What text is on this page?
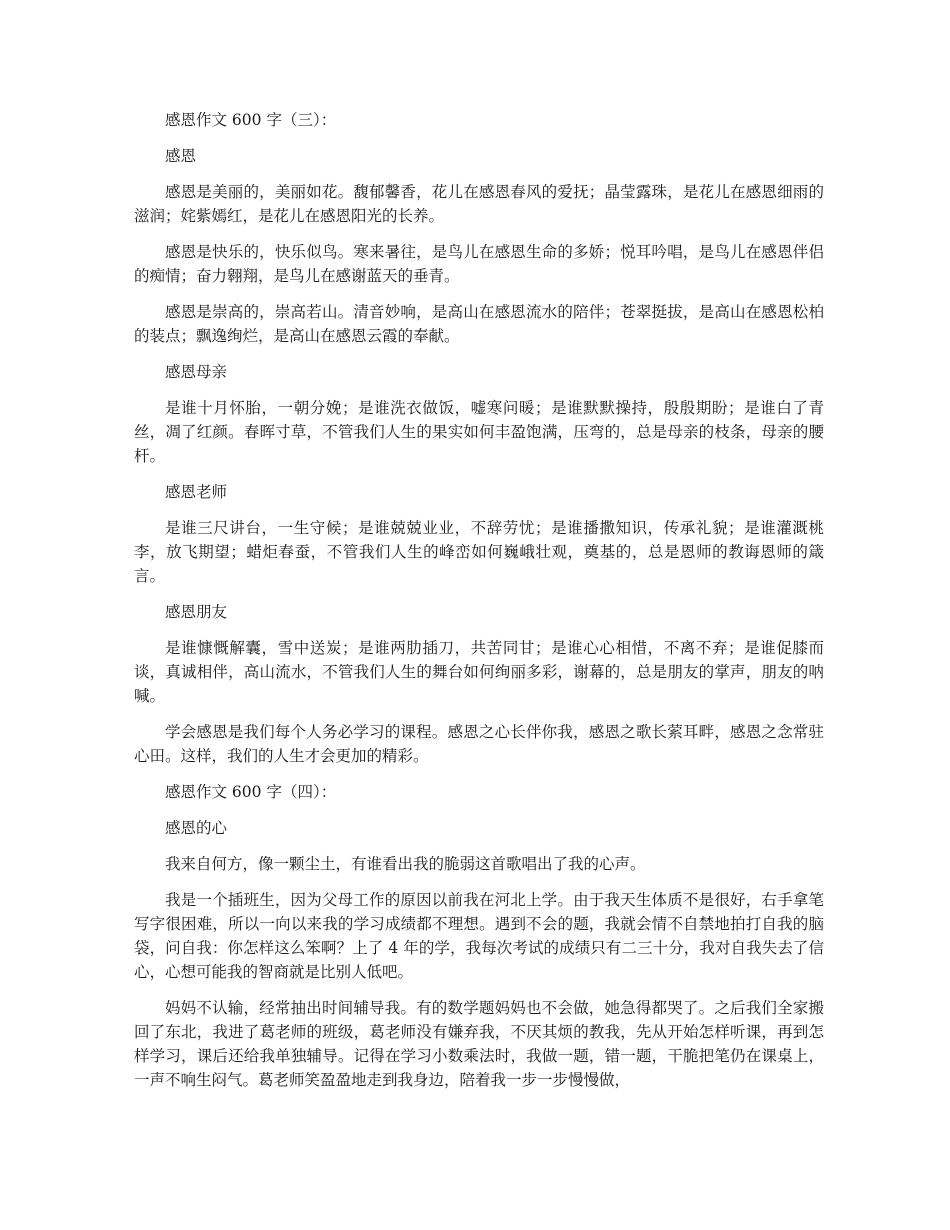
感恩作文 600 字（三）：

感恩

感恩是美丽的，美丽如花。馥郁馨香，花儿在感恩春风的爱抚；晶莹露珠，是花儿在感恩细雨的滋润；姹紫嫣红，是花儿在感恩阳光的长养。

感恩是快乐的，快乐似鸟。寒来暑往，是鸟儿在感恩生命的多娇；悦耳吟唱，是鸟儿在感恩伴侣的痴情；奋力翱翔，是鸟儿在感谢蓝天的垂青。

感恩是崇高的，崇高若山。清音妙响，是高山在感恩流水的陪伴；苍翠挺拔，是高山在感恩松柏的装点；飘逸绚烂，是高山在感恩云霞的奉献。

感恩母亲

是谁十月怀胎，一朝分娩；是谁洗衣做饭，嘘寒问暖；是谁默默操持，殷殷期盼；是谁白了青丝，凋了红颜。春晖寸草，不管我们人生的果实如何丰盈饱满，压弯的，总是母亲的枝条，母亲的腰杆。

感恩老师

是谁三尺讲台，一生守候；是谁兢兢业业，不辞劳忧；是谁播撒知识，传承礼貌；是谁灌溉桃李，放飞期望；蜡炬春蚕，不管我们人生的峰峦如何巍峨壮观，奠基的，总是恩师的教诲恩师的箴言。

感恩朋友

是谁慷慨解囊，雪中送炭；是谁两肋插刀，共苦同甘；是谁心心相惜，不离不弃；是谁促膝而谈，真诚相伴，高山流水，不管我们人生的舞台如何绚丽多彩，谢幕的，总是朋友的掌声，朋友的呐喊。

学会感恩是我们每个人务必学习的课程。感恩之心长伴你我，感恩之歌长萦耳畔，感恩之念常驻心田。这样，我们的人生才会更加的精彩。

感恩作文 600 字（四）：

感恩的心

我来自何方，像一颗尘土，有谁看出我的脆弱这首歌唱出了我的心声。

我是一个插班生，因为父母工作的原因以前我在河北上学。由于我天生体质不是很好，右手拿笔写字很困难，所以一向以来我的学习成绩都不理想。遇到不会的题，我就会情不自禁地拍打自我的脑袋，问自我：你怎样这么笨啊？上了 4 年的学，我每次考试的成绩只有二三十分，我对自我失去了信心，心想可能我的智商就是比别人低吧。

妈妈不认输，经常抽出时间辅导我。有的数学题妈妈也不会做，她急得都哭了。之后我们全家搬回了东北，我进了葛老师的班级，葛老师没有嫌弃我，不厌其烦的教我，先从开始怎样听课，再到怎样学习，课后还给我单独辅导。记得在学习小数乘法时，我做一题，错一题，干脆把笔仍在课桌上，一声不响生闷气。葛老师笑盈盈地走到我身边，陪着我一步一步慢慢做，
